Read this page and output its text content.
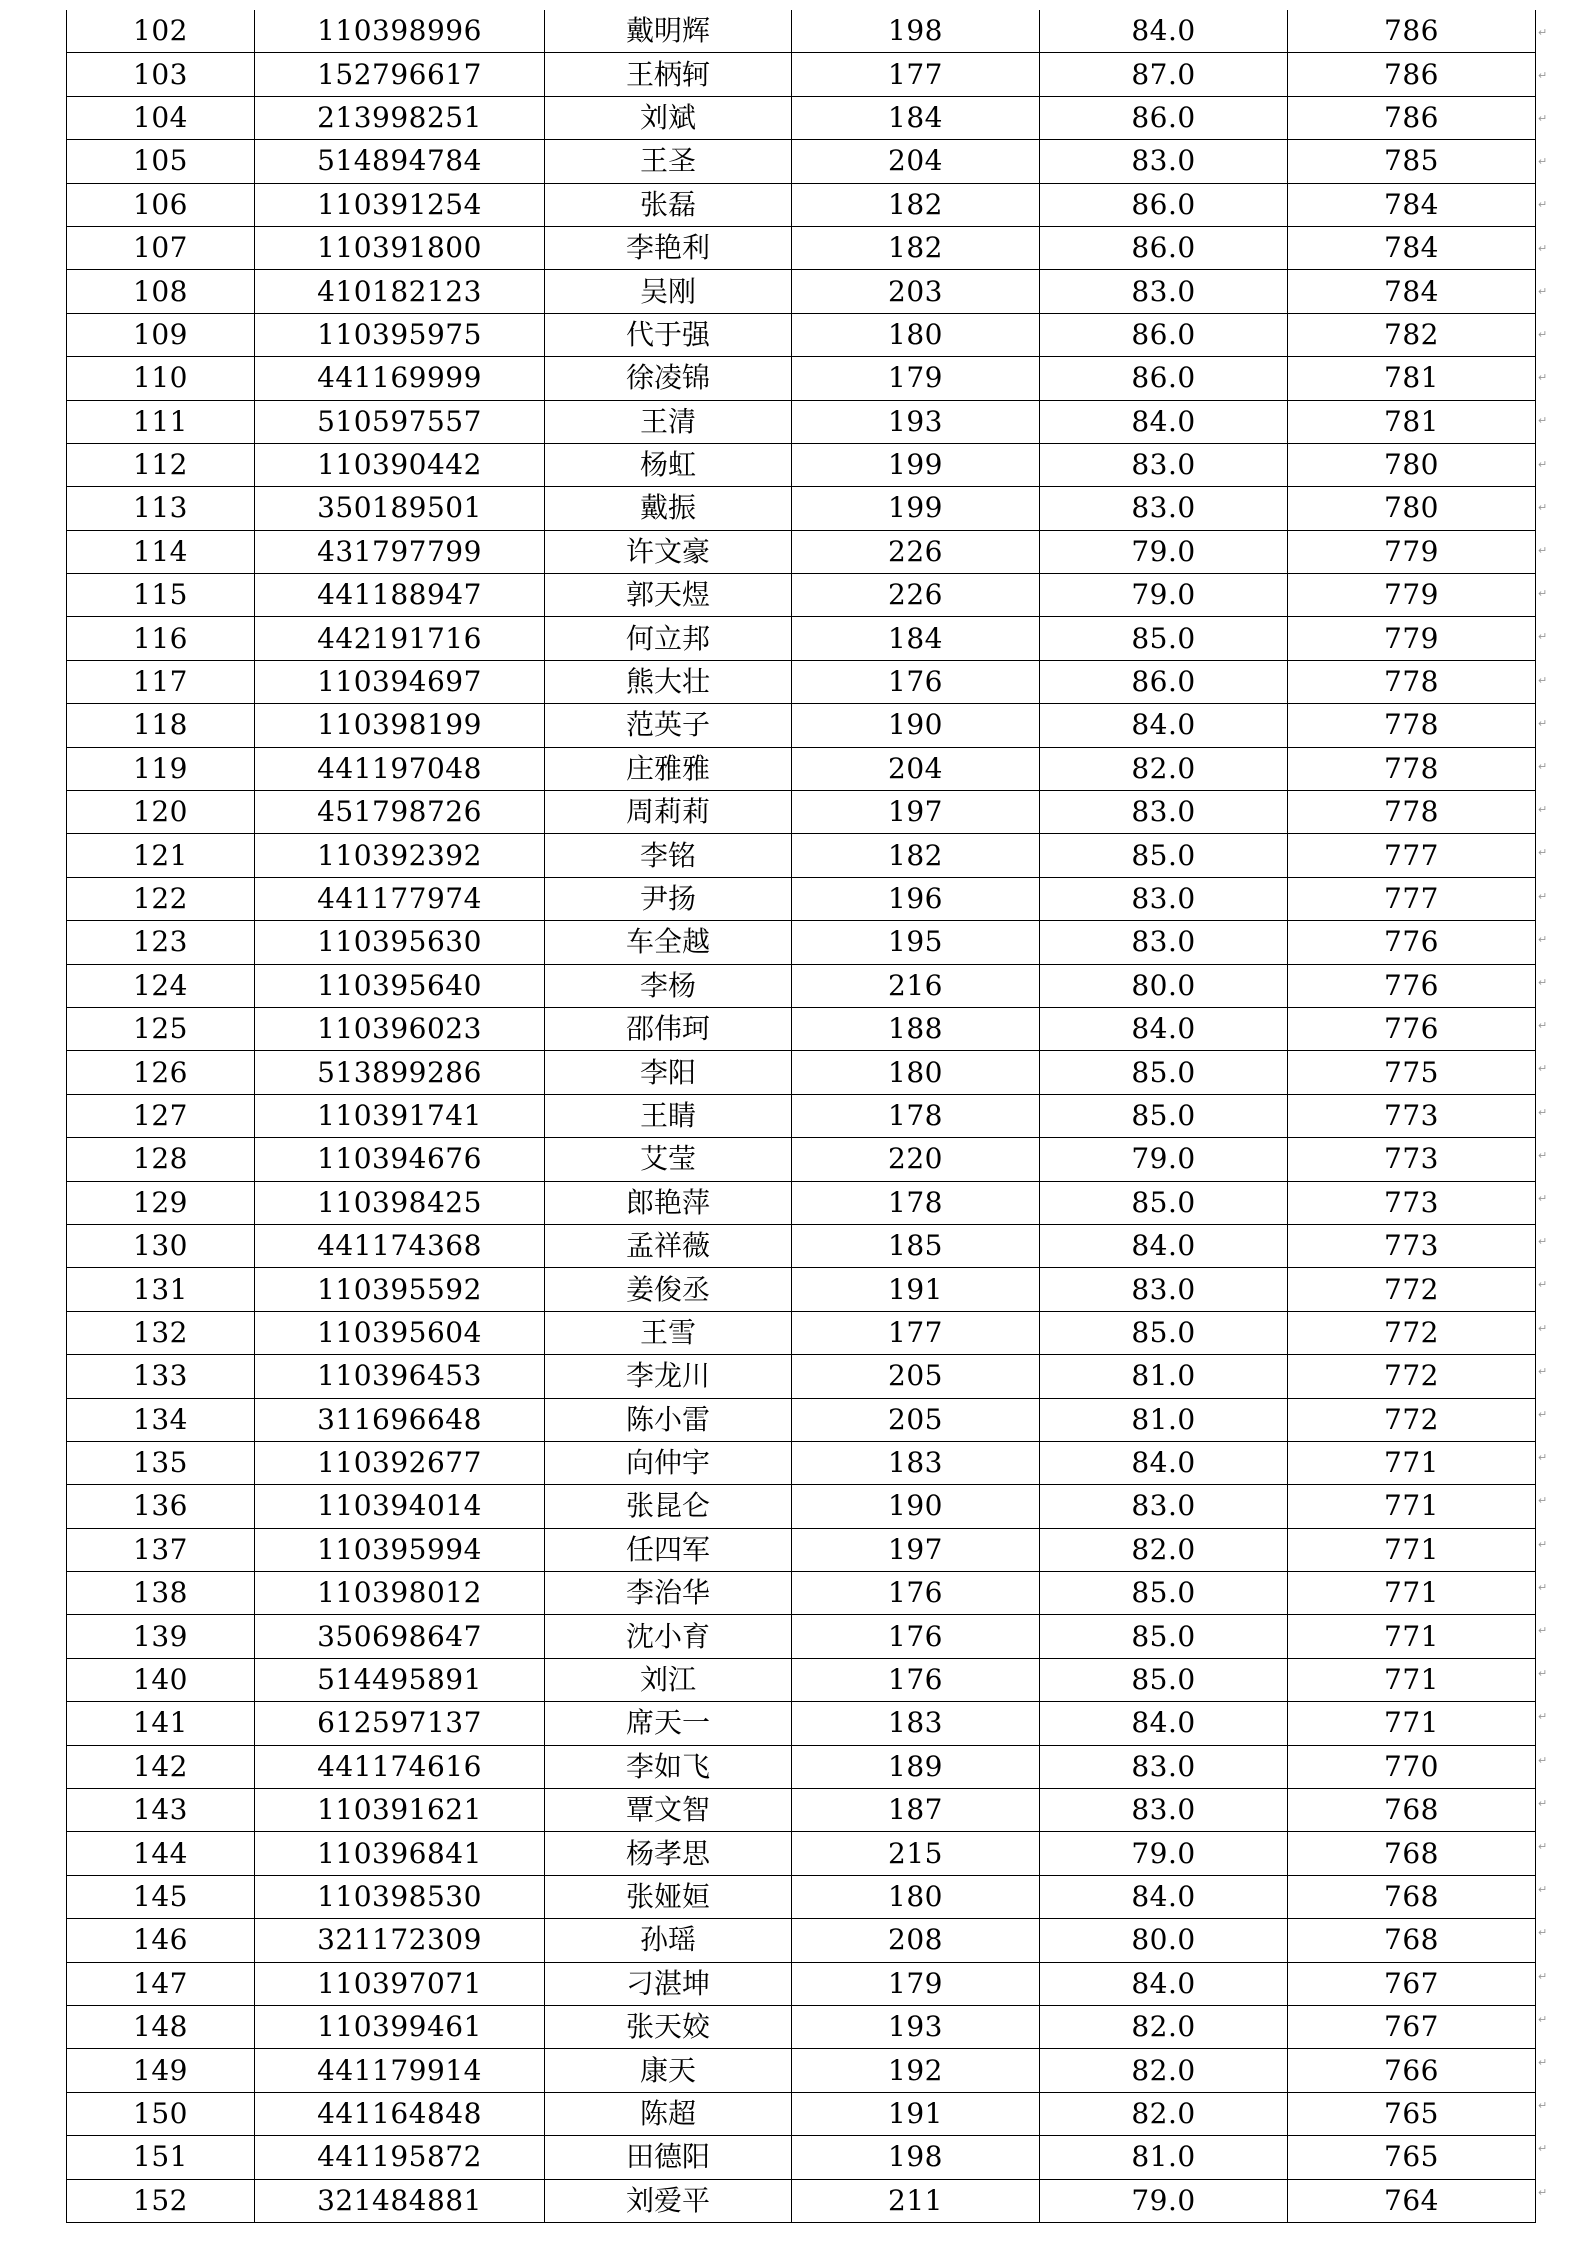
102	110398996	戴明辉	198	84.0	786
103	152796617	王柄轲	177	87.0	786
104	213998251	刘斌	184	86.0	786
105	514894784	王圣	204	83.0	785
106	110391254	张磊	182	86.0	784
107	110391800	李艳利	182	86.0	784
108	410182123	吴刚	203	83.0	784
109	110395975	代于强	180	86.0	782
110	441169999	徐凌锦	179	86.0	781
111	510597557	王清	193	84.0	781
112	110390442	杨虹	199	83.0	780
113	350189501	戴振	199	83.0	780
114	431797799	许文豪	226	79.0	779
115	441188947	郭天煜	226	79.0	779
116	442191716	何立邦	184	85.0	779
117	110394697	熊大壮	176	86.0	778
118	110398199	范英子	190	84.0	778
119	441197048	庄雅雅	204	82.0	778
120	451798726	周莉莉	197	83.0	778
121	110392392	李铭	182	85.0	777
122	441177974	尹扬	196	83.0	777
123	110395630	车全越	195	83.0	776
124	110395640	李杨	216	80.0	776
125	110396023	邵伟珂	188	84.0	776
126	513899286	李阳	180	85.0	775
127	110391741	王睛	178	85.0	773
128	110394676	艾莹	220	79.0	773
129	110398425	郎艳萍	178	85.0	773
130	441174368	孟祥薇	185	84.0	773
131	110395592	姜俊丞	191	83.0	772
132	110395604	王雪	177	85.0	772
133	110396453	李龙川	205	81.0	772
134	311696648	陈小雷	205	81.0	772
135	110392677	向仲宇	183	84.0	771
136	110394014	张昆仑	190	83.0	771
137	110395994	任四军	197	82.0	771
138	110398012	李治华	176	85.0	771
139	350698647	沈小育	176	85.0	771
140	514495891	刘江	176	85.0	771
141	612597137	席天一	183	84.0	771
142	441174616	李如飞	189	83.0	770
143	110391621	覃文智	187	83.0	768
144	110396841	杨孝思	215	79.0	768
145	110398530	张娅姮	180	84.0	768
146	321172309	孙瑶	208	80.0	768
147	110397071	刁湛坤	179	84.0	767
148	110399461	张天姣	193	82.0	767
149	441179914	康天	192	82.0	766
150	441164848	陈超	191	82.0	765
151	441195872	田德阳	198	81.0	765
152	321484881	刘爱平	211	79.0	764
↵
↵
↵
↵
↵
↵
↵
↵
↵
↵
↵
↵
↵
↵
↵
↵
↵
↵
↵
↵
↵
↵
↵
↵
↵
↵
↵
↵
↵
↵
↵
↵
↵
↵
↵
↵
↵
↵
↵
↵
↵
↵
↵
↵
↵
↵
↵
↵
↵
↵
↵
